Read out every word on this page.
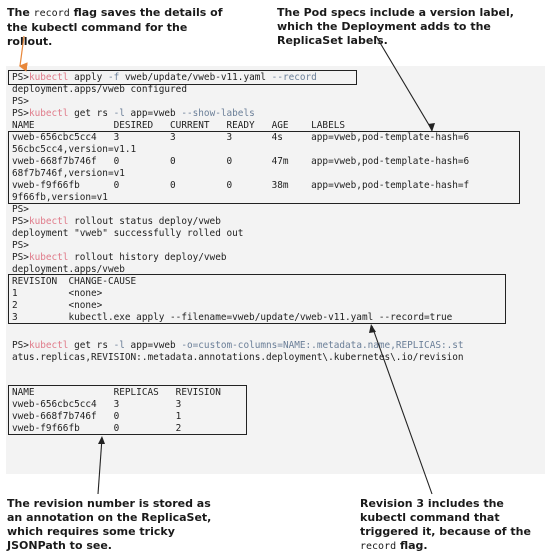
The record flag saves the details of the kubectl command for the rollout.
The Pod specs include a version label, which the Deployment adds to the ReplicaSet labels.
The revision number is stored as an annotation on the ReplicaSet, which requires some tricky JSONPath to see.
Revision 3 includes the kubectl command that triggered it, because of the record flag.
PS>kubectl apply -f vweb/update/vweb-v11.yaml --record
deployment.apps/vweb configured
PS>
PS>kubectl get rs -l app=vweb --show-labels
NAME              DESIRED   CURRENT   READY   AGE    LABELS
vweb-656cbc5cc4   3         3         3       4s     app=vweb,pod-template-hash=6
56cbc5cc4,version=v1.1
vweb-668f7b746f   0         0         0       47m    app=vweb,pod-template-hash=6
68f7b746f,version=v1
vweb-f9f66fb      0         0         0       38m    app=vweb,pod-template-hash=f
9f66fb,version=v1
PS>
PS>kubectl rollout status deploy/vweb
deployment "vweb" successfully rolled out
PS>
PS>kubectl rollout history deploy/vweb
deployment.apps/vweb
REVISION  CHANGE-CAUSE
1         <none>
2         <none>
3         kubectl.exe apply --filename=vweb/update/vweb-v11.yaml --record=true
PS>kubectl get rs -l app=vweb -o=custom-columns=NAME:.metadata.name,REPLICAS:.st
atus.replicas,REVISION:.metadata.annotations.deployment\.kubernetes\.io/revision
NAME              REPLICAS   REVISION
vweb-656cbc5cc4   3          3
vweb-668f7b746f   0          1
vweb-f9f66fb      0          2
